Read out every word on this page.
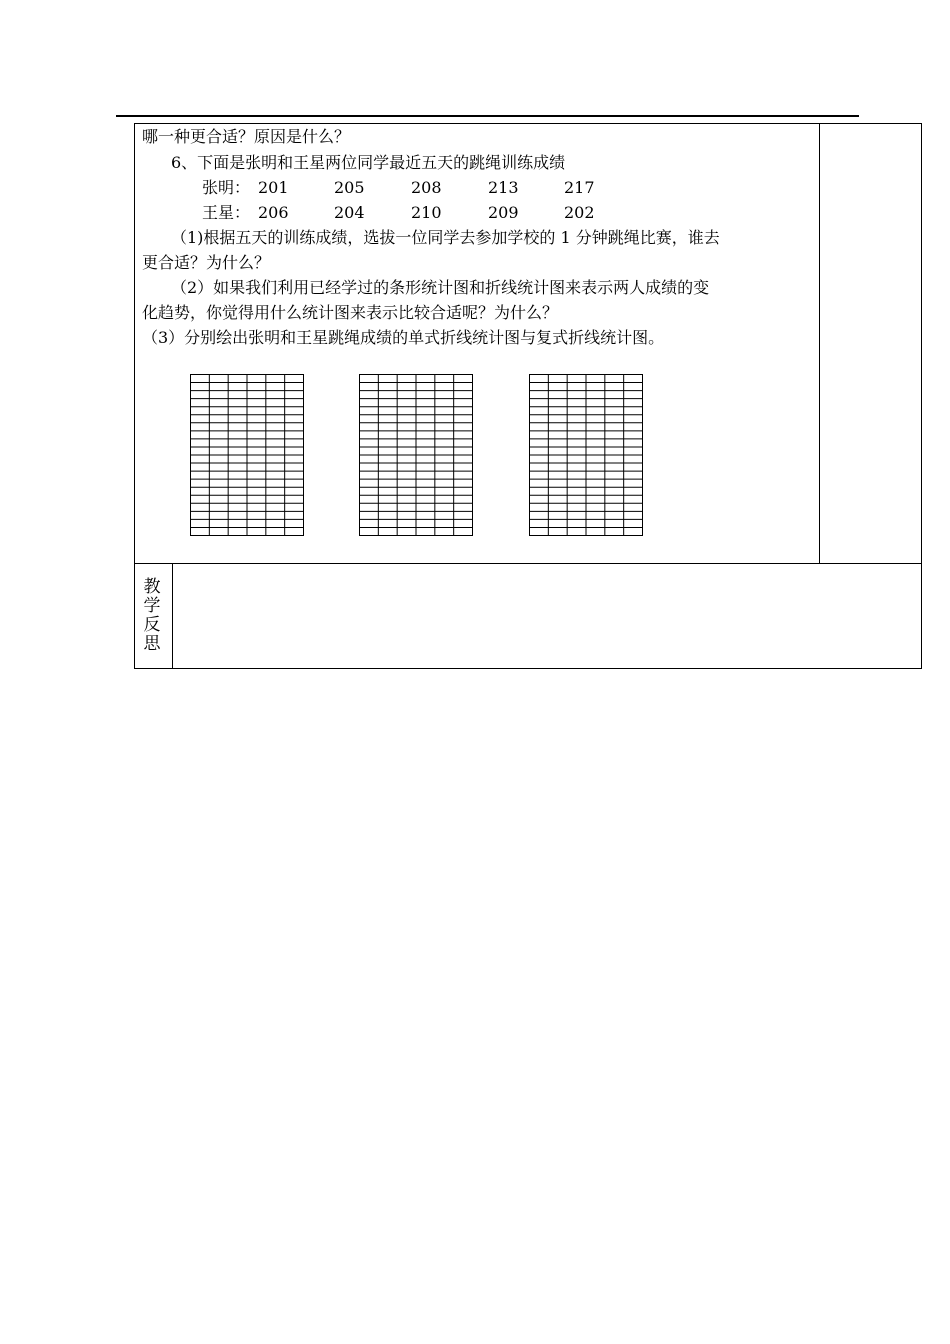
哪一种更合适？原因是什么？
6、下面是张明和王星两位同学最近五天的跳绳训练成绩
张明： 201	205	208	213	217
王星： 206	204	210	209	202
（1)根据五天的训练成绩，选拔一位同学去参加学校的 1 分钟跳绳比赛，谁去
更合适？为什么？
（2）如果我们利用已经学过的条形统计图和折线统计图来表示两人成绩的变
化趋势，你觉得用什么统计图来表示比较合适呢？为什么？
（3）分别绘出张明和王星跳绳成绩的单式折线统计图与复式折线统计图。
教
学
反
思
